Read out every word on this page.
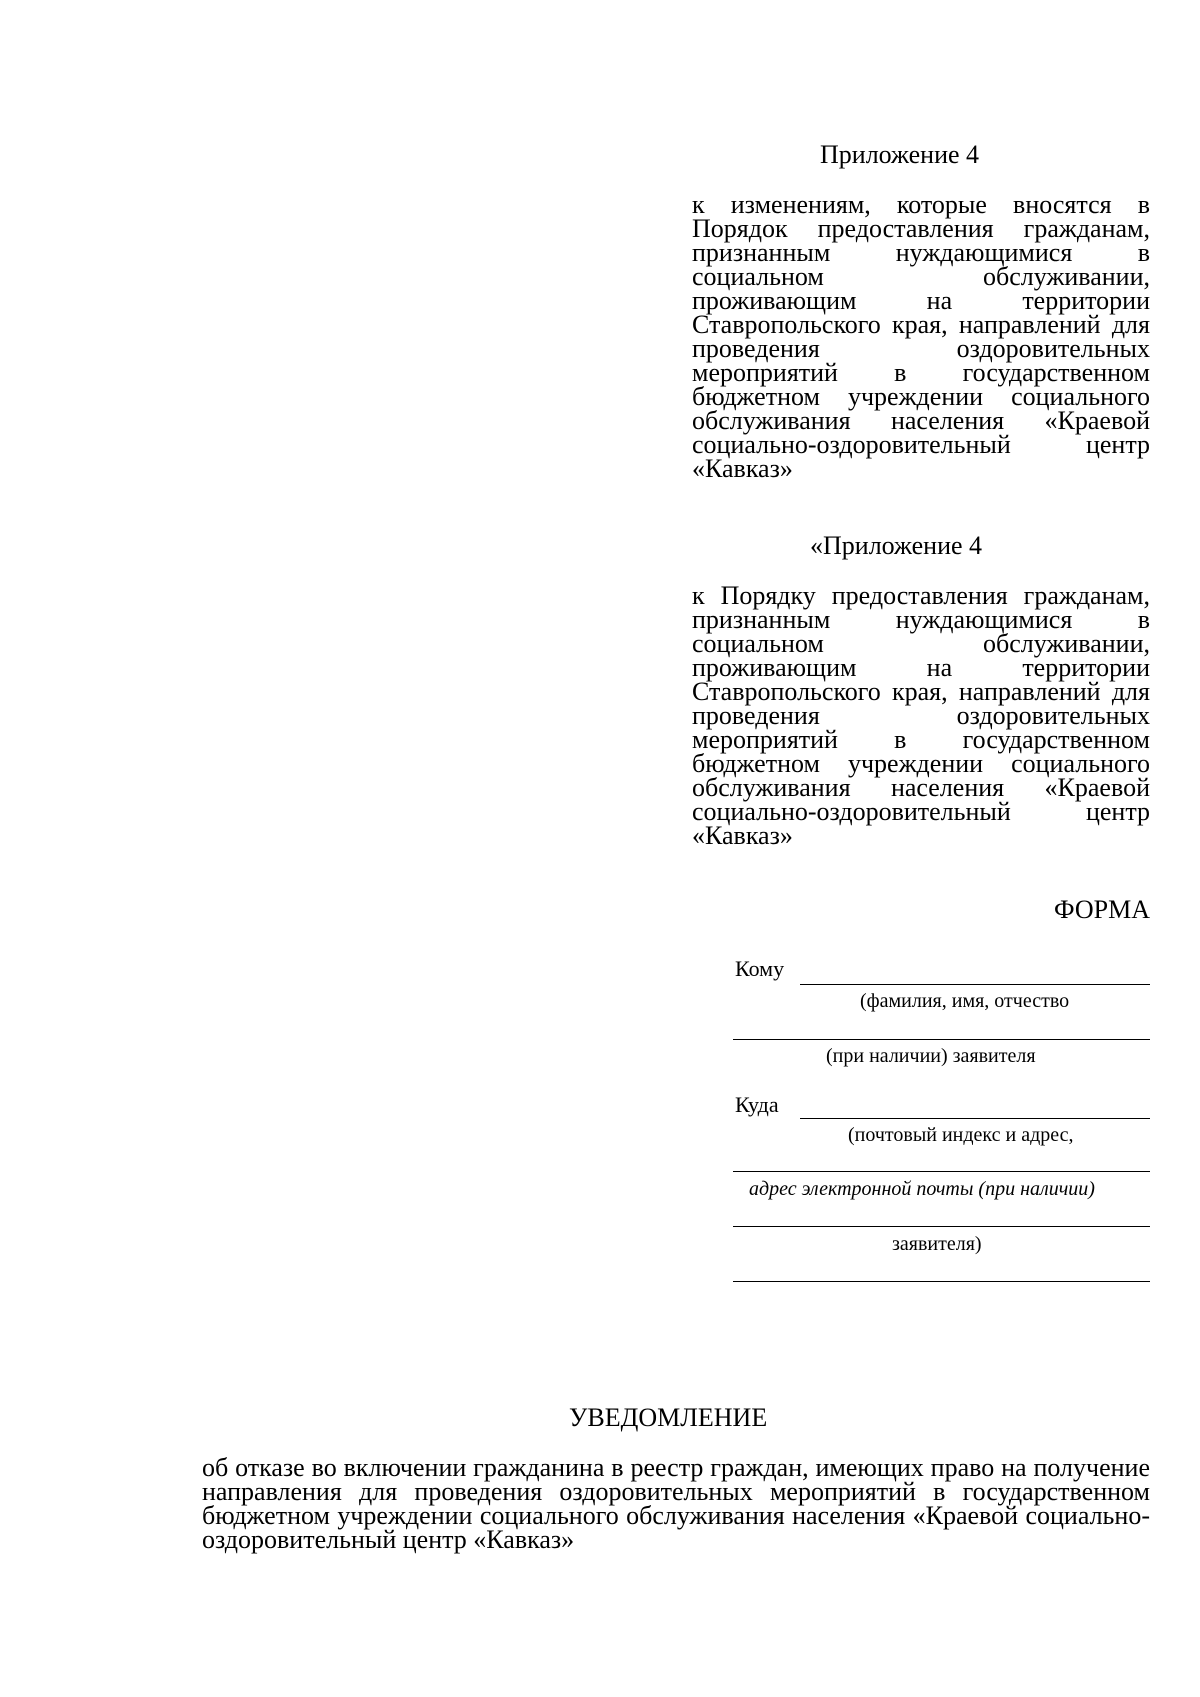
Приложение 4
к изменениям, которые вносятся в Порядок предоставления гражданам, признанным нуждающимися в социальном обслуживании, проживающим на территории Ставропольского края, направлений для проведения оздоровительных мероприятий в государственном бюджетном учреждении социального обслуживания населения «Краевой социально-оздоровительный центр «Кавказ»
«Приложение 4
к Порядку предоставления гражданам, признанным нуждающимися в социальном обслуживании, проживающим на территории Ставропольского края, направлений для проведения оздоровительных мероприятий в государственном бюджетном учреждении социального обслуживания населения «Краевой социально-оздоровительный центр «Кавказ»
ФОРМА
Кому
(фамилия, имя, отчество
(при наличии) заявителя
Куда
(почтовый индекс и адрес,
адрес электронной почты (при наличии)
заявителя)
УВЕДОМЛЕНИЕ
об отказе во включении гражданина в реестр граждан, имеющих право на получение направления для проведения оздоровительных мероприятий в государственном бюджетном учреждении социального обслуживания населения «Краевой социально-оздоровительный центр «Кавказ»
